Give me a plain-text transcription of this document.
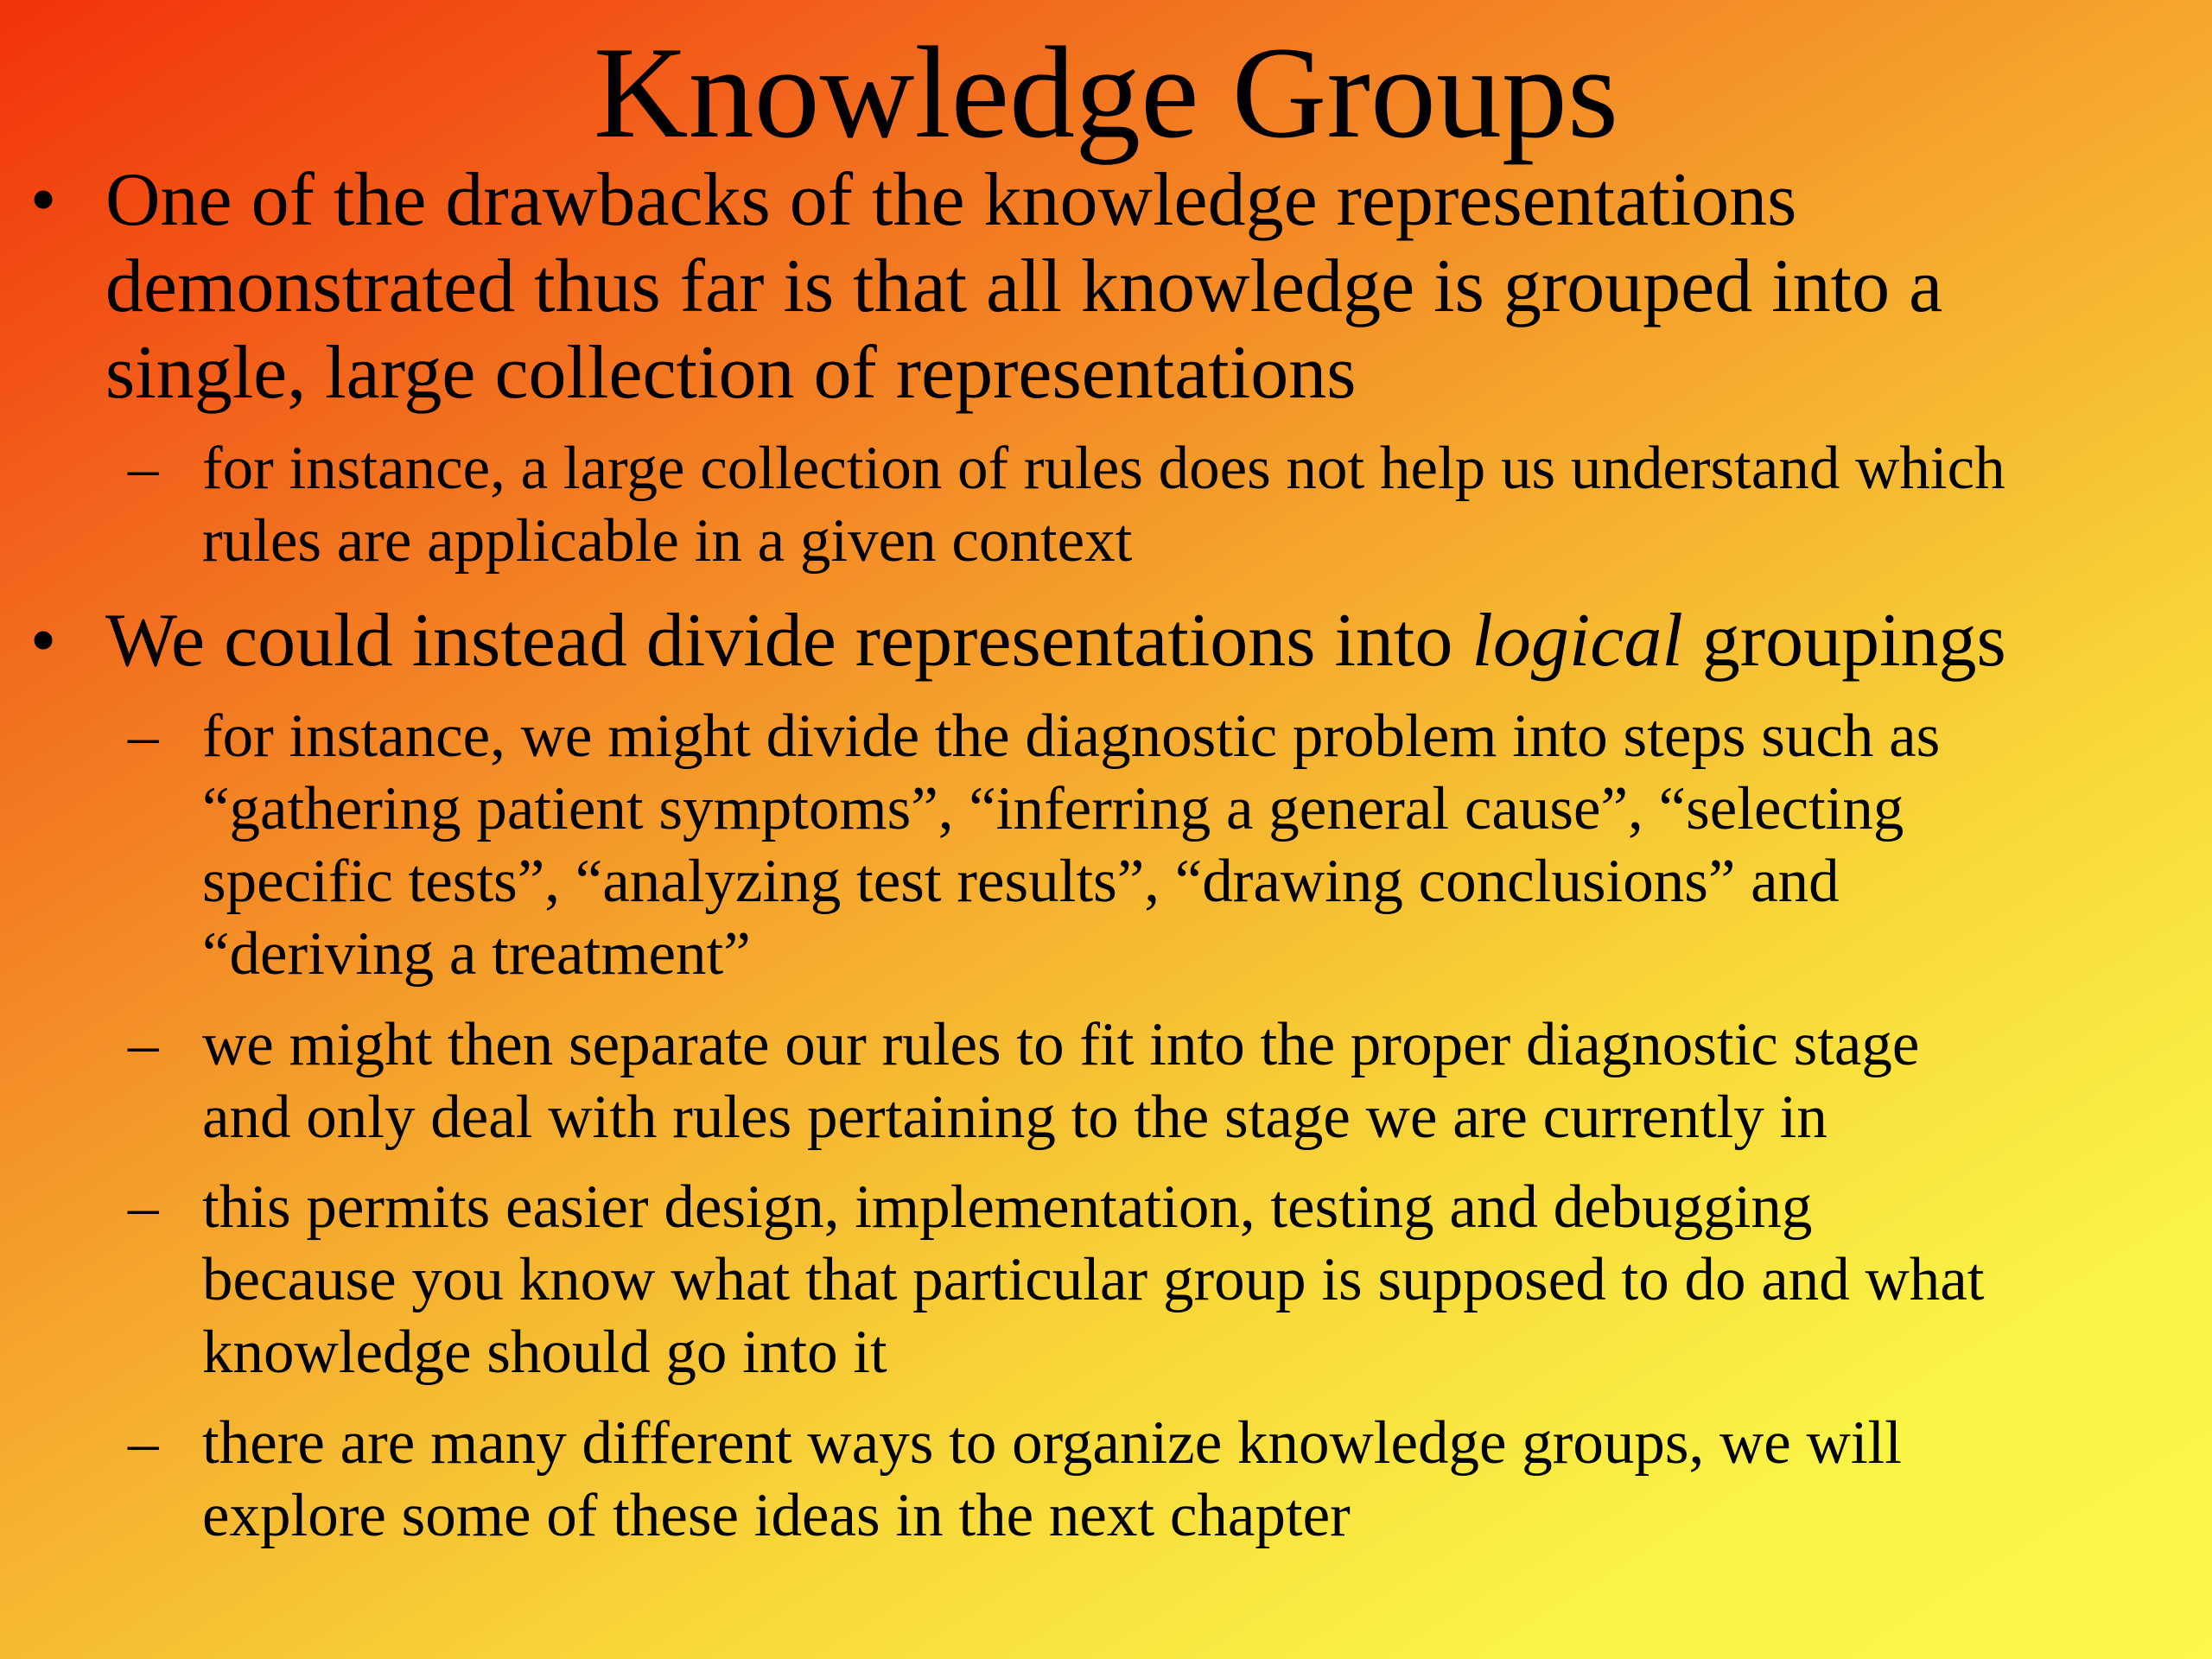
Knowledge Groups
• One of the drawbacks of the knowledge representations
demonstrated thus far is that all knowledge is grouped into a
single, large collection of representations
– for instance, a large collection of rules does not help us understand which
rules are applicable in a given context
• We could instead divide representations into logical groupings
– for instance, we might divide the diagnostic problem into steps such as
“gathering patient symptoms”, “inferring a general cause”, “selecting
specific tests”, “analyzing test results”, “drawing conclusions” and
“deriving a treatment”
– we might then separate our rules to fit into the proper diagnostic stage
and only deal with rules pertaining to the stage we are currently in
– this permits easier design, implementation, testing and debugging
because you know what that particular group is supposed to do and what
knowledge should go into it
– there are many different ways to organize knowledge groups, we will
explore some of these ideas in the next chapter
